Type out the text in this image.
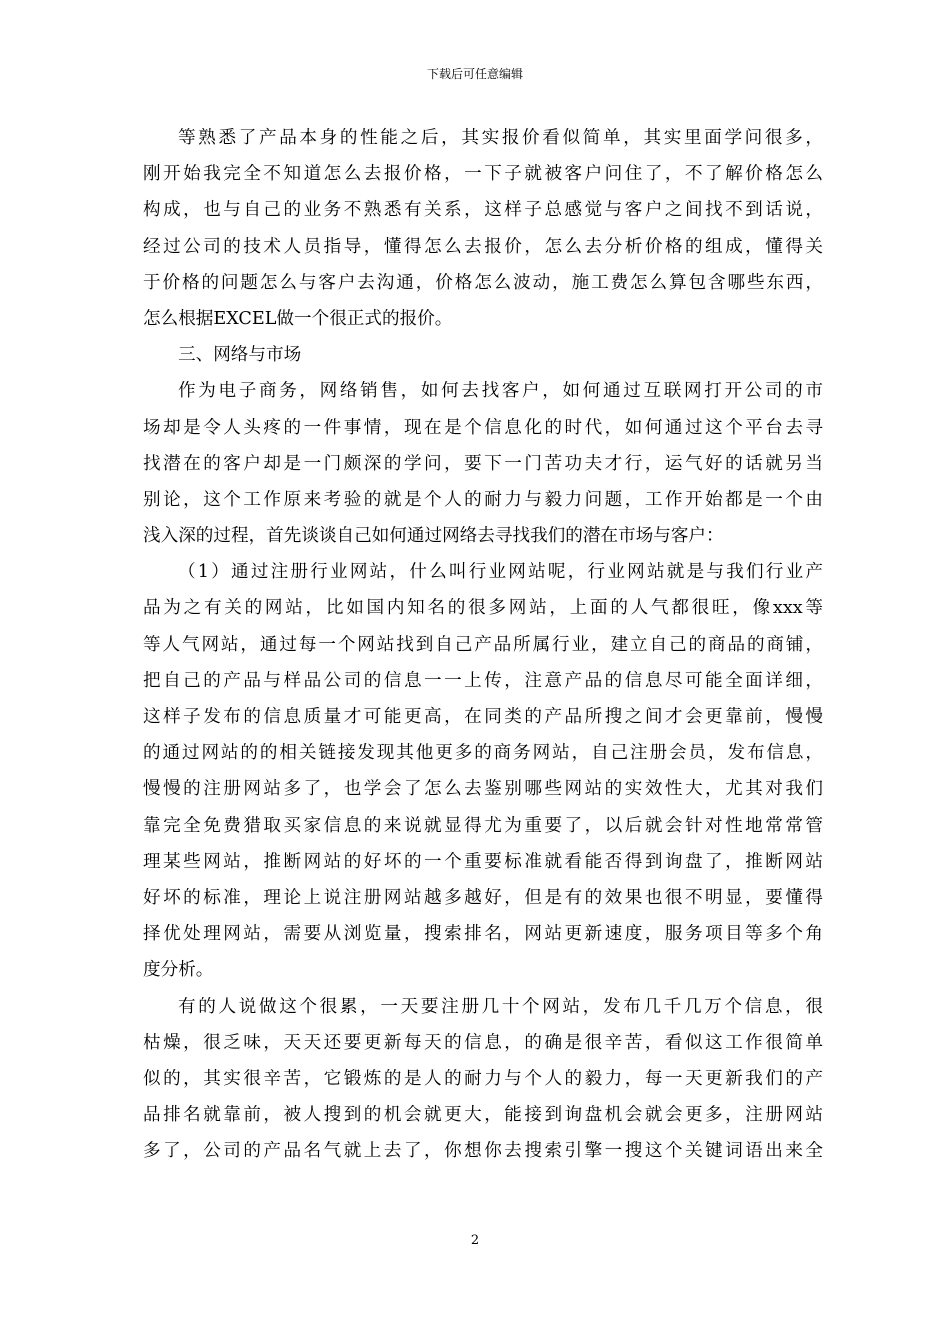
下载后可任意编辑
等熟悉了产品本身的性能之后，其实报价看似简单，其实里面学问很多，
刚开始我完全不知道怎么去报价格，一下子就被客户问住了，不了解价格怎么
构成，也与自己的业务不熟悉有关系，这样子总感觉与客户之间找不到话说，
经过公司的技术人员指导，懂得怎么去报价，怎么去分析价格的组成，懂得关
于价格的问题怎么与客户去沟通，价格怎么波动，施工费怎么算包含哪些东西，
怎么根据EXCEL做一个很正式的报价。
三、网络与市场
作为电子商务，网络销售，如何去找客户，如何通过互联网打开公司的市
场却是令人头疼的一件事情，现在是个信息化的时代，如何通过这个平台去寻
找潜在的客户却是一门颇深的学问，要下一门苦功夫才行，运气好的话就另当
别论，这个工作原来考验的就是个人的耐力与毅力问题，工作开始都是一个由
浅入深的过程，首先谈谈自己如何通过网络去寻找我们的潜在市场与客户：
（1）通过注册行业网站，什么叫行业网站呢，行业网站就是与我们行业产
品为之有关的网站，比如国内知名的很多网站，上面的人气都很旺，像xxx等
等人气网站，通过每一个网站找到自己产品所属行业，建立自己的商品的商铺，
把自己的产品与样品公司的信息一一上传，注意产品的信息尽可能全面详细，
这样子发布的信息质量才可能更高，在同类的产品所搜之间才会更靠前，慢慢
的通过网站的的相关链接发现其他更多的商务网站，自己注册会员，发布信息，
慢慢的注册网站多了，也学会了怎么去鉴别哪些网站的实效性大，尤其对我们
靠完全免费猎取买家信息的来说就显得尤为重要了，以后就会针对性地常常管
理某些网站，推断网站的好坏的一个重要标准就看能否得到询盘了，推断网站
好坏的标准，理论上说注册网站越多越好，但是有的效果也很不明显，要懂得
择优处理网站，需要从浏览量，搜索排名，网站更新速度，服务项目等多个角
度分析。
有的人说做这个很累，一天要注册几十个网站，发布几千几万个信息，很
枯燥，很乏味，天天还要更新每天的信息，的确是很辛苦，看似这工作很简单
似的，其实很辛苦，它锻炼的是人的耐力与个人的毅力，每一天更新我们的产
品排名就靠前，被人搜到的机会就更大，能接到询盘机会就会更多，注册网站
多了，公司的产品名气就上去了，你想你去搜索引擎一搜这个关键词语出来全
2
